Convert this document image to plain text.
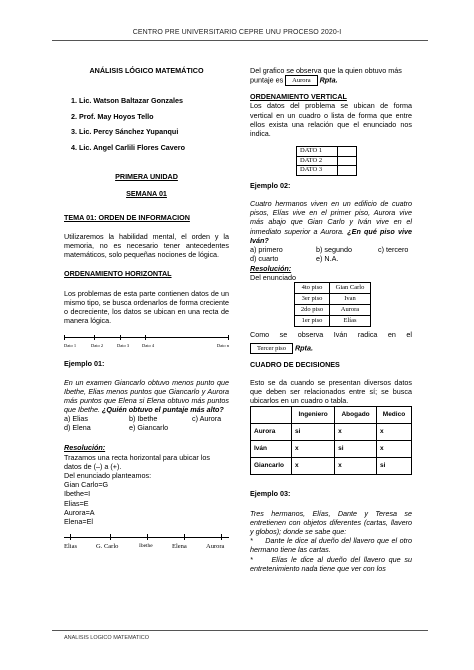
CENTRO PRE UNIVERSITARIO CEPRE UNU PROCESO 2020-I

ANÁLISIS LÓGICO MATEMÁTICO

1. Lic. Watson Baltazar Gonzales

2. Prof. May Hoyos Tello

3. Lic. Percy Sánchez Yupanqui

4. Lic. Angel Carlili Flores Cavero

PRIMERA UNIDAD

SEMANA 01

TEMA 01: ORDEN DE INFORMACION

Utilizaremos la habilidad mental, el orden y la memoria, no es necesario tener antecedentes matemáticos, solo pequeñas nociones de lógica.

ORDENAMIENTO HORIZONTAL

Los problemas de esta parte contienen datos de un mismo tipo, se busca ordenarlos de forma creciente o decreciente, los datos se ubican en una recta de manera lógica.

Dato 1	Dato 2	Dato 3	Dato 4	Dato n

Ejemplo 01:

En un examen Giancarlo obtuvo menos punto que Ibethe, Elias menos puntos que Giancarlo y Aurora más puntos que Elena si Elena obtuvo más puntos que Ibethe. ¿Quién obtuvo el puntaje más alto?

a) Elias	b) Ibethe	c) Aurora
d) Elena	e) Giancarlo

Resolución:

Trazamos una recta horizontal para ubicar los datos de (–) a (+).

Del enunciado planteamos:

Gian Carlo=G

Ibethe=I

Elias=E

Aurora=A

Elena=El

Elias	G. Carlo	Ibethe	Elena	Aurora

Del grafico se observa que la quien obtuvo más puntaje es Aurora Rpta.

ORDENAMIENTO VERTICAL

Los datos del problema se ubican de forma vertical en un cuadro o lista de forma que entre ellos exista una relación que el enunciado nos indica.

DATO 1	
DATO 2	
DATO 3	

Ejemplo 02:

Cuatro hermanos viven en un edificio de cuatro pisos, Elías vive en el primer piso, Aurora vive más abajo que Gian Carlo y Iván vive en el inmediato superior a Aurora. ¿En qué piso vive Iván?

a) primero	b) segundo	c) tercero
d) cuarto	e) N.A.

Resolución:

Del enunciado

4to piso	Gian Carlo
3er piso	Ivan
2do piso	Aurora
1er piso	Elías

Como se observa Iván radica en el

Tercer piso Rpta.

CUADRO DE DECISIONES

Esto se da cuando se presentan diversos datos que deben ser relacionados entre sí; se busca ubicarlos en un cuadro o tabla.

	Ingeniero	Abogado	Medico
Aurora	si	x	x
Iván	x	si	x
Giancarlo	x	x	si

Ejemplo 03:

Tres hermanos, Elías, Dante y Teresa se entretienen con objetos diferentes (cartas, llavero y globos); donde se sabe que:

* Dante le dice al dueño del llavero que el otro hermano tiene las cartas.

*	Elías le dice al dueño del llavero que su entretenimiento nada tiene que ver con los

ANALISIS LOGICO MATEMATICO
